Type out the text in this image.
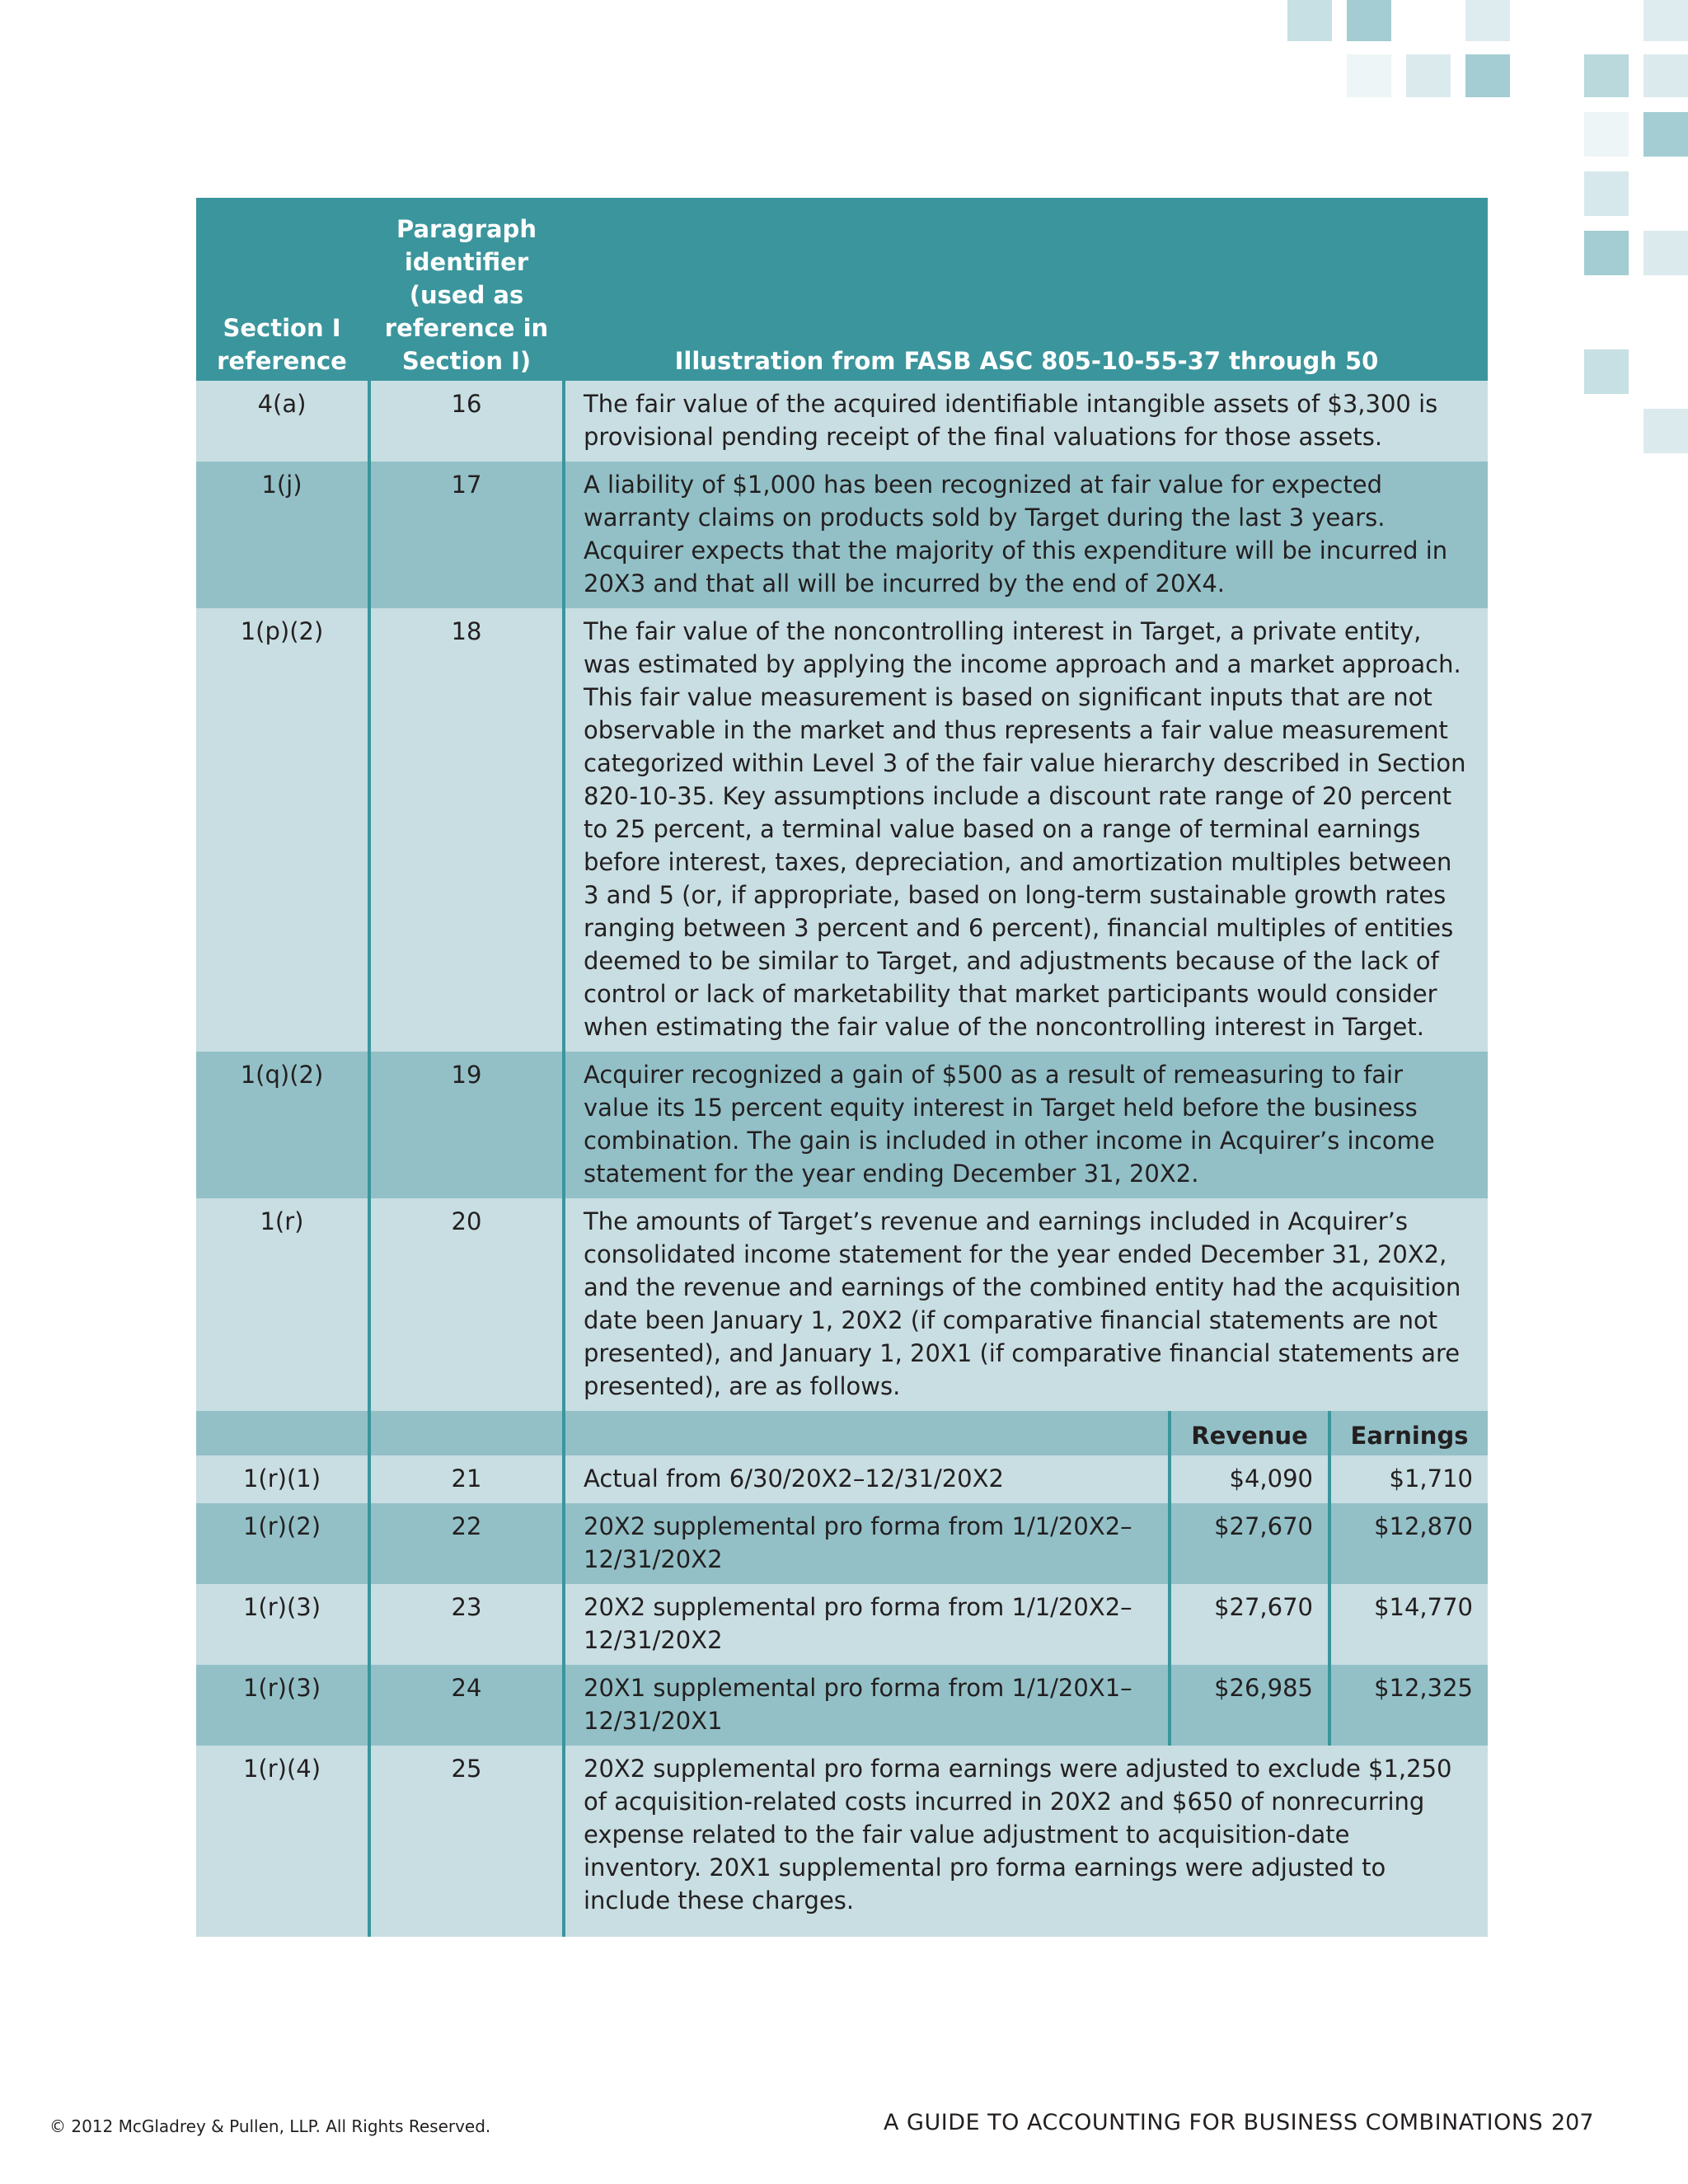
Section I reference	Paragraph identifier (used as reference in Section I)	Illustration from FASB ASC 805-10-55-37 through 50		
4(a)	16	The fair value of the acquired identifiable intangible assets of $3,300 is provisional pending receipt of the final valuations for those assets.		
1(j)	17	A liability of $1,000 has been recognized at fair value for expected warranty claims on products sold by Target during the last 3 years. Acquirer expects that the majority of this expenditure will be incurred in 20X3 and that all will be incurred by the end of 20X4.		
1(p)(2)	18	The fair value of the noncontrolling interest in Target, a private entity, was estimated by applying the income approach and a market approach. This fair value measurement is based on significant inputs that are not observable in the market and thus represents a fair value measurement categorized within Level 3 of the fair value hierarchy described in Section 820-10-35. Key assumptions include a discount rate range of 20 percent to 25 percent, a terminal value based on a range of terminal earnings before interest, taxes, depreciation, and amortization multiples between 3 and 5 (or, if appropriate, based on long-term sustainable growth rates ranging between 3 percent and 6 percent), financial multiples of entities deemed to be similar to Target, and adjustments because of the lack of control or lack of marketability that market participants would consider when estimating the fair value of the noncontrolling interest in Target.		
1(q)(2)	19	Acquirer recognized a gain of $500 as a result of remeasuring to fair value its 15 percent equity interest in Target held before the business combination. The gain is included in other income in Acquirer’s income statement for the year ending December 31, 20X2.		
1(r)	20	The amounts of Target’s revenue and earnings included in Acquirer’s consolidated income statement for the year ended December 31, 20X2, and the revenue and earnings of the combined entity had the acquisition date been January 1, 20X2 (if comparative financial statements are not presented), and January 1, 20X1 (if comparative financial statements are presented), are as follows.		
			Revenue	Earnings
1(r)(1)	21	Actual from 6/30/20X2–12/31/20X2	$4,090	$1,710
1(r)(2)	22	20X2 supplemental pro forma from 1/1/20X2–12/31/20X2	$27,670	$12,870
1(r)(3)	23	20X2 supplemental pro forma from 1/1/20X2–12/31/20X2	$27,670	$14,770
1(r)(3)	24	20X1 supplemental pro forma from 1/1/20X1–12/31/20X1	$26,985	$12,325
1(r)(4)	25	20X2 supplemental pro forma earnings were adjusted to exclude $1,250 of acquisition-related costs incurred in 20X2 and $650 of nonrecurring expense related to the fair value adjustment to acquisition-date inventory. 20X1 supplemental pro forma earnings were adjusted to include these charges.		
© 2012 McGladrey & Pullen, LLP. All Rights Reserved.	A GUIDE TO ACCOUNTING FOR BUSINESS COMBINATIONS 207
